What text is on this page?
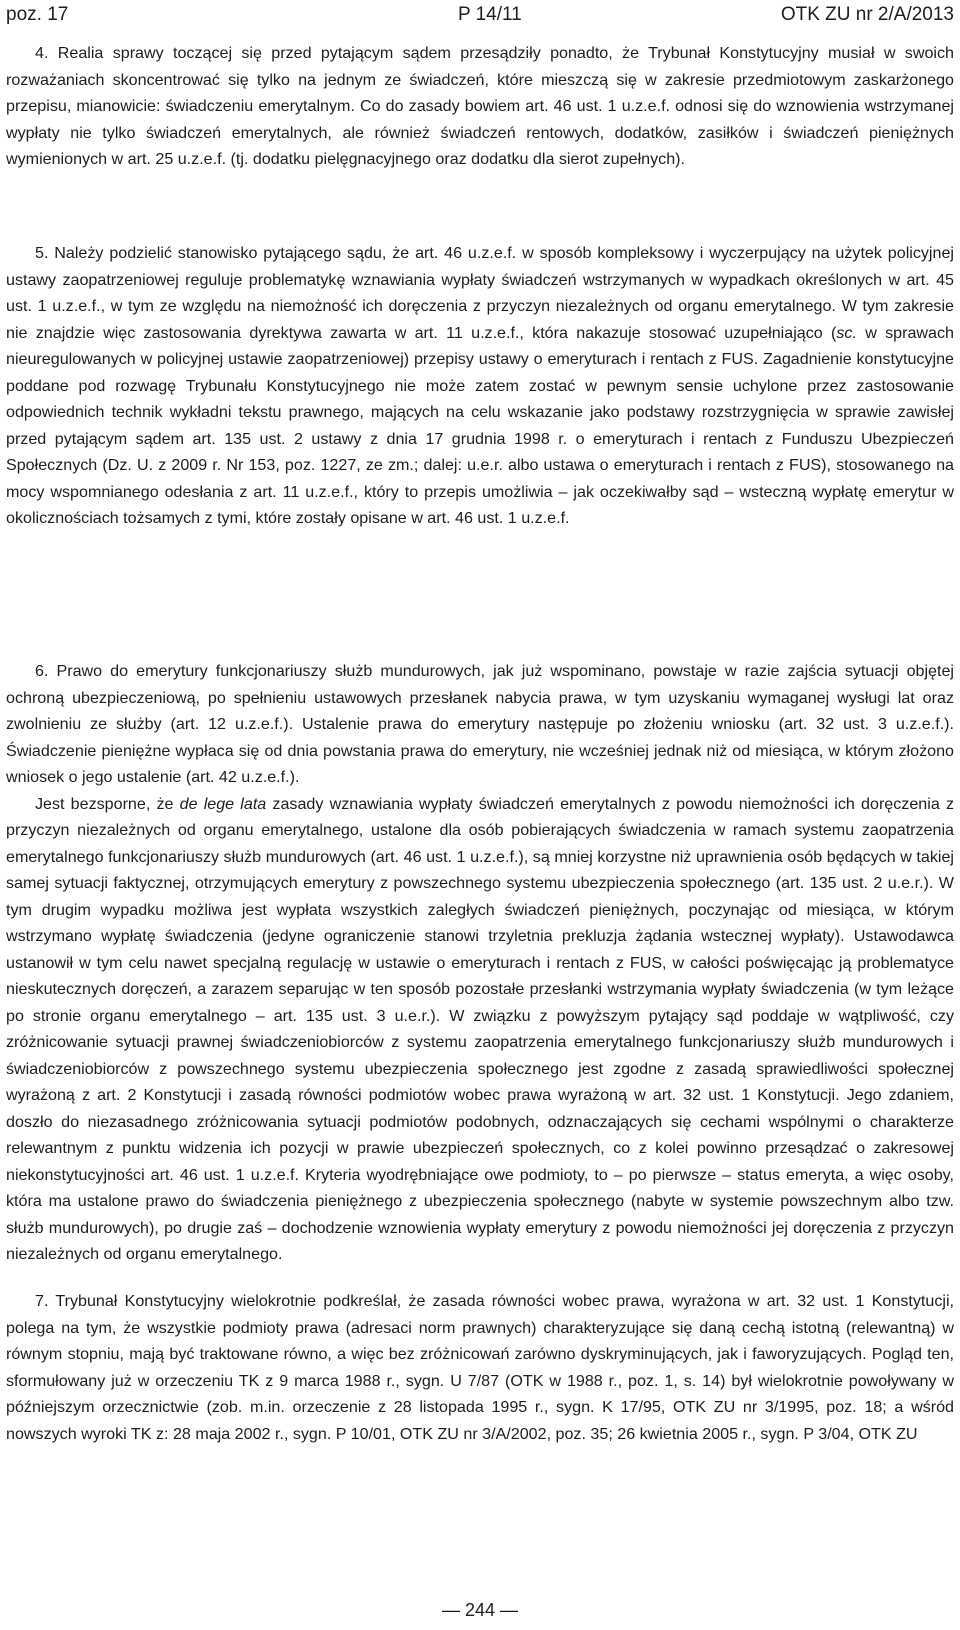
poz. 17	P 14/11	OTK ZU nr 2/A/2013

4. Realia sprawy toczącej się przed pytającym sądem przesądziły ponadto, że Trybunał Konstytucyjny musiał w swoich rozważaniach skoncentrować się tylko na jednym ze świadczeń, które mieszczą się w zakresie przedmiotowym zaskarżonego przepisu, mianowicie: świadczeniu emerytalnym. Co do zasady bowiem art. 46 ust. 1 u.z.e.f. odnosi się do wznowienia wstrzymanej wypłaty nie tylko świadczeń emerytalnych, ale również świadczeń rentowych, dodatków, zasiłków i świadczeń pieniężnych wymienionych w art. 25 u.z.e.f. (tj. dodatku pielęgnacyjnego oraz dodatku dla sierot zupełnych).

5. Należy podzielić stanowisko pytającego sądu, że art. 46 u.z.e.f. w sposób kompleksowy i wyczerpujący na użytek policyjnej ustawy zaopatrzeniowej reguluje problematykę wznawiania wypłaty świadczeń wstrzymanych w wypadkach określonych w art. 45 ust. 1 u.z.e.f., w tym ze względu na niemożność ich doręczenia z przyczyn niezależnych od organu emerytalnego. W tym zakresie nie znajdzie więc zastosowania dyrektywa zawarta w art. 11 u.z.e.f., która nakazuje stosować uzupełniająco (sc. w sprawach nieuregulowanych w policyjnej ustawie zaopatrzeniowej) przepisy ustawy o emeryturach i rentach z FUS. Zagadnienie konstytucyjne poddane pod rozwagę Trybunału Konstytucyjnego nie może zatem zostać w pewnym sensie uchylone przez zastosowanie odpowiednich technik wykładni tekstu prawnego, mających na celu wskazanie jako podstawy rozstrzygnięcia w sprawie zawisłej przed pytającym sądem art. 135 ust. 2 ustawy z dnia 17 grudnia 1998 r. o emeryturach i rentach z Funduszu Ubezpieczeń Społecznych (Dz. U. z 2009 r. Nr 153, poz. 1227, ze zm.; dalej: u.e.r. albo ustawa o emeryturach i rentach z FUS), stosowanego na mocy wspomnianego odesłania z art. 11 u.z.e.f., który to przepis umożliwia – jak oczekiwałby sąd – wsteczną wypłatę emerytur w okolicznościach tożsamych z tymi, które zostały opisane w art. 46 ust. 1 u.z.e.f.

6. Prawo do emerytury funkcjonariuszy służb mundurowych, jak już wspominano, powstaje w razie zajścia sytuacji objętej ochroną ubezpieczeniową, po spełnieniu ustawowych przesłanek nabycia prawa, w tym uzyskaniu wymaganej wysługi lat oraz zwolnieniu ze służby (art. 12 u.z.e.f.). Ustalenie prawa do emerytury następuje po złożeniu wniosku (art. 32 ust. 3 u.z.e.f.). Świadczenie pieniężne wypłaca się od dnia powstania prawa do emerytury, nie wcześniej jednak niż od miesiąca, w którym złożono wniosek o jego ustalenie (art. 42 u.z.e.f.).

Jest bezsporne, że de lege lata zasady wznawiania wypłaty świadczeń emerytalnych z powodu niemożności ich doręczenia z przyczyn niezależnych od organu emerytalnego, ustalone dla osób pobierających świadczenia w ramach systemu zaopatrzenia emerytalnego funkcjonariuszy służb mundurowych (art. 46 ust. 1 u.z.e.f.), są mniej korzystne niż uprawnienia osób będących w takiej samej sytuacji faktycznej, otrzymujących emerytury z powszechnego systemu ubezpieczenia społecznego (art. 135 ust. 2 u.e.r.). W tym drugim wypadku możliwa jest wypłata wszystkich zaległych świadczeń pieniężnych, poczynając od miesiąca, w którym wstrzymano wypłatę świadczenia (jedyne ograniczenie stanowi trzyletnia prekluzja żądania wstecznej wypłaty). Ustawodawca ustanowił w tym celu nawet specjalną regulację w ustawie o emeryturach i rentach z FUS, w całości poświęcając ją problematyce nieskutecznych doręczeń, a zarazem separując w ten sposób pozostałe przesłanki wstrzymania wypłaty świadczenia (w tym leżące po stronie organu emerytalnego – art. 135 ust. 3 u.e.r.). W związku z powyższym pytający sąd poddaje w wątpliwość, czy zróżnicowanie sytuacji prawnej świadczeniobiorców z systemu zaopatrzenia emerytalnego funkcjonariuszy służb mundurowych i świadczeniobiorców z powszechnego systemu ubezpieczenia społecznego jest zgodne z zasadą sprawiedliwości społecznej wyrażoną z art. 2 Konstytucji i zasadą równości podmiotów wobec prawa wyrażoną w art. 32 ust. 1 Konstytucji. Jego zdaniem, doszło do niezasadnego zróżnicowania sytuacji podmiotów podobnych, odznaczających się cechami wspólnymi o charakterze relewantnym z punktu widzenia ich pozycji w prawie ubezpieczeń społecznych, co z kolei powinno przesądzać o zakresowej niekonstytucyjności art. 46 ust. 1 u.z.e.f. Kryteria wyodrębniające owe podmioty, to – po pierwsze – status emeryta, a więc osoby, która ma ustalone prawo do świadczenia pieniężnego z ubezpieczenia społecznego (nabyte w systemie powszechnym albo tzw. służb mundurowych), po drugie zaś – dochodzenie wznowienia wypłaty emerytury z powodu niemożności jej doręczenia z przyczyn niezależnych od organu emerytalnego.

7. Trybunał Konstytucyjny wielokrotnie podkreślał, że zasada równości wobec prawa, wyrażona w art. 32 ust. 1 Konstytucji, polega na tym, że wszystkie podmioty prawa (adresaci norm prawnych) charakteryzujące się daną cechą istotną (relewantną) w równym stopniu, mają być traktowane równo, a więc bez zróżnicowań zarówno dyskryminujących, jak i faworyzujących. Pogląd ten, sformułowany już w orzeczeniu TK z 9 marca 1988 r., sygn. U 7/87 (OTK w 1988 r., poz. 1, s. 14) był wielokrotnie powoływany w późniejszym orzecznictwie (zob. m.in. orzeczenie z 28 listopada 1995 r., sygn. K 17/95, OTK ZU nr 3/1995, poz. 18; a wśród nowszych wyroki TK z: 28 maja 2002 r., sygn. P 10/01, OTK ZU nr 3/A/2002, poz. 35; 26 kwietnia 2005 r., sygn. P 3/04, OTK ZU

— 244 —
